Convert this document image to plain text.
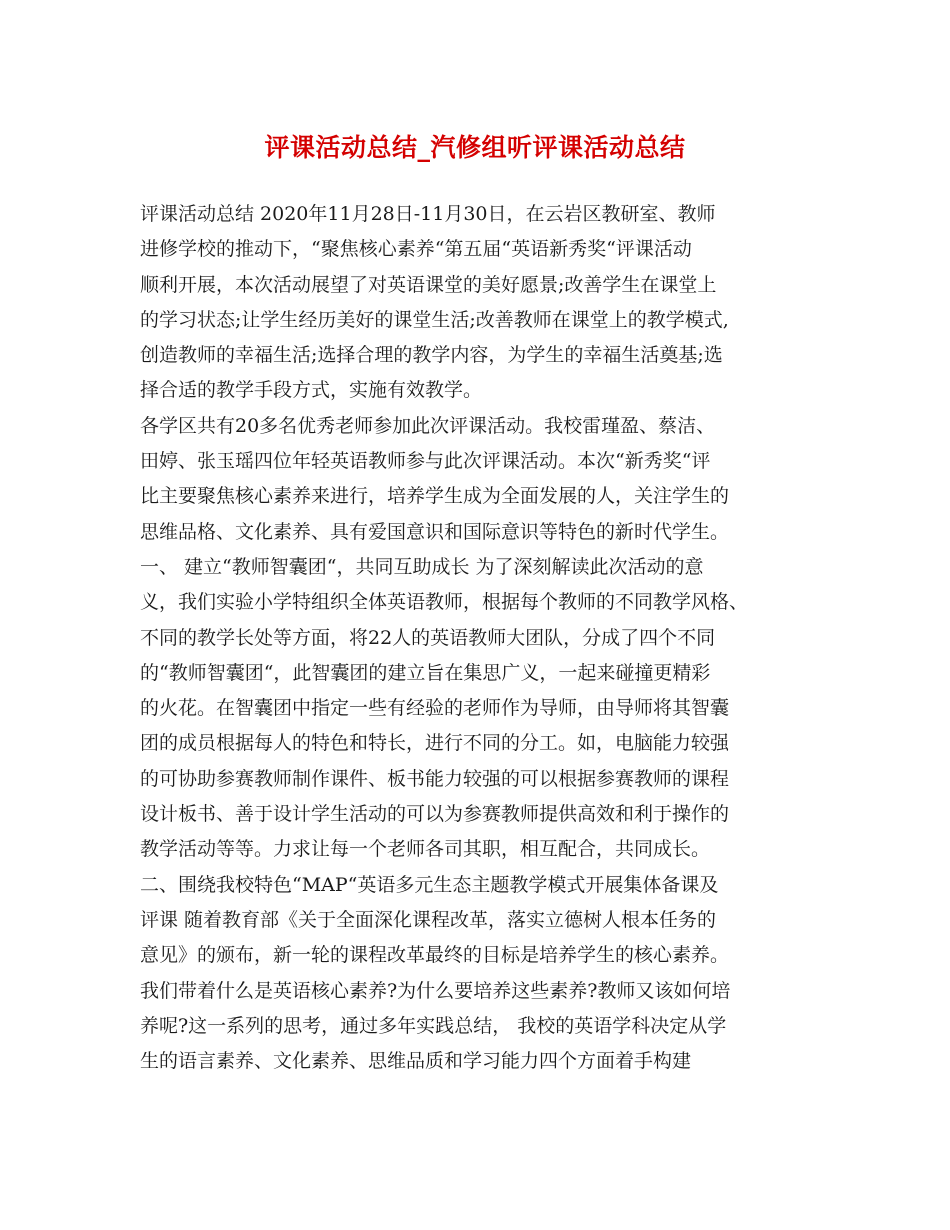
评课活动总结_汽修组听评课活动总结
评课活动总结 2020年11月28日-11月30日，在云岩区教研室、教师
进修学校的推动下，“聚焦核心素养“第五届“英语新秀奖“评课活动
顺利开展，本次活动展望了对英语课堂的美好愿景;改善学生在课堂上
的学习状态;让学生经历美好的课堂生活;改善教师在课堂上的教学模式,
创造教师的幸福生活;选择合理的教学内容，为学生的幸福生活奠基;选
择合适的教学手段方式，实施有效教学。
各学区共有20多名优秀老师参加此次评课活动。我校雷瑾盈、蔡洁、
田婷、张玉瑶四位年轻英语教师参与此次评课活动。本次“新秀奖“评
比主要聚焦核心素养来进行，培养学生成为全面发展的人，关注学生的
思维品格、文化素养、具有爱国意识和国际意识等特色的新时代学生。
一、 建立“教师智囊团“，共同互助成长 为了深刻解读此次活动的意
义，我们实验小学特组织全体英语教师，根据每个教师的不同教学风格、
不同的教学长处等方面，将22人的英语教师大团队，分成了四个不同
的“教师智囊团“，此智囊团的建立旨在集思广义，一起来碰撞更精彩
的火花。在智囊团中指定一些有经验的老师作为导师，由导师将其智囊
团的成员根据每人的特色和特长，进行不同的分工。如，电脑能力较强
的可协助参赛教师制作课件、板书能力较强的可以根据参赛教师的课程
设计板书、善于设计学生活动的可以为参赛教师提供高效和利于操作的
教学活动等等。力求让每一个老师各司其职，相互配合，共同成长。
二、围绕我校特色“MAP“英语多元生态主题教学模式开展集体备课及
评课 随着教育部《关于全面深化课程改革，落实立德树人根本任务的
意见》的颁布，新一轮的课程改革最终的目标是培养学生的核心素养。
我们带着什么是英语核心素养?为什么要培养这些素养?教师又该如何培
养呢?这一系列的思考，通过多年实践总结， 我校的英语学科决定从学
生的语言素养、文化素养、思维品质和学习能力四个方面着手构建
